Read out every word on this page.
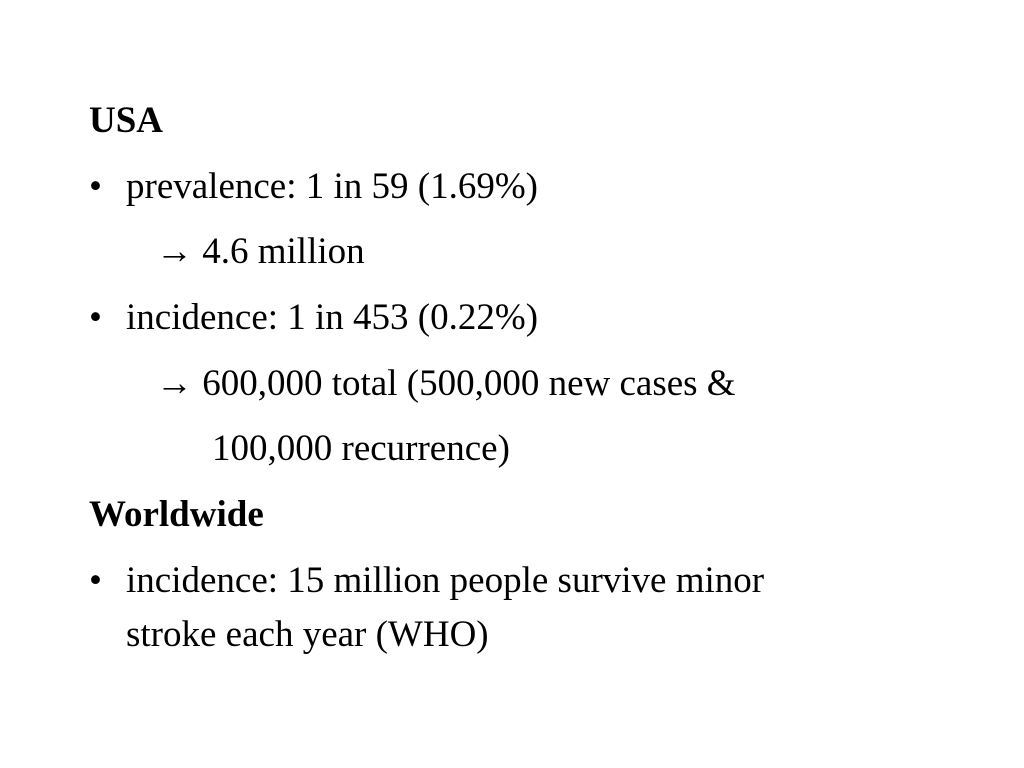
USA
• prevalence: 1 in 59 (1.69%)
→ 4.6 million
• incidence: 1 in 453 (0.22%)
→ 600,000 total (500,000 new cases &
100,000 recurrence)
Worldwide
• incidence: 15 million people survive minor
stroke each year (WHO)
